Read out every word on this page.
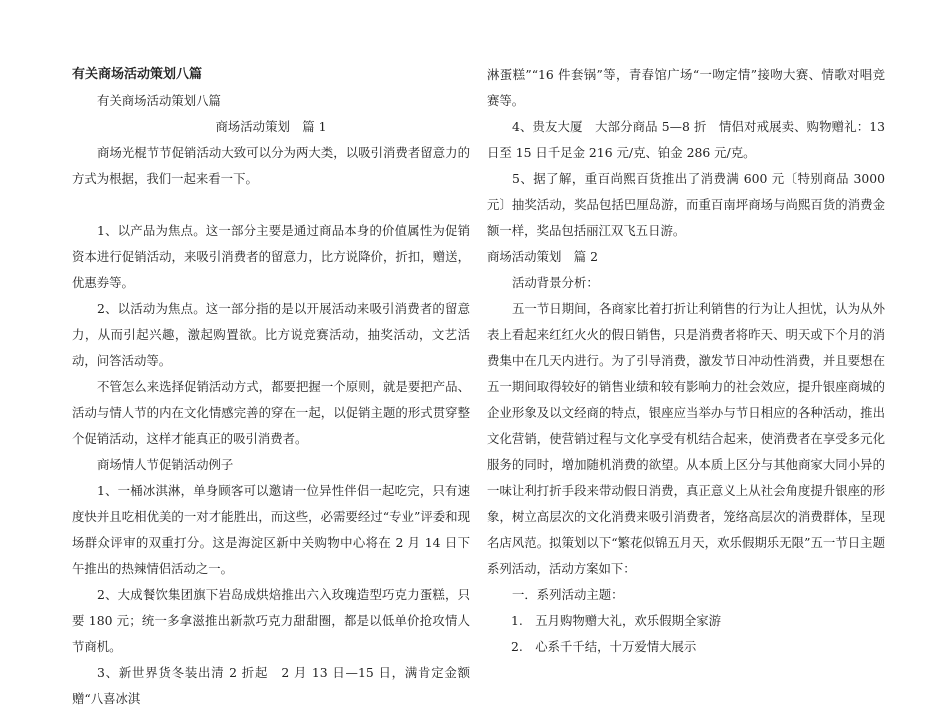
有关商场活动策划八篇

有关商场活动策划八篇

商场活动策划　篇 1

商场光棍节节促销活动大致可以分为两大类，以吸引消费者留意力的方式为根据，我们一起来看一下。

1、以产品为焦点。这一部分主要是通过商品本身的价值属性为促销资本进行促销活动，来吸引消费者的留意力，比方说降价，折扣，赠送，优惠券等。

2、以活动为焦点。这一部分指的是以开展活动来吸引消费者的留意力，从而引起兴趣，激起购置欲。比方说竞赛活动，抽奖活动，文艺活动，问答活动等。

不管怎么来选择促销活动方式，都要把握一个原则，就是要把产品、活动与情人节的内在文化情感完善的穿在一起，以促销主题的形式贯穿整个促销活动，这样才能真正的吸引消费者。

商场情人节促销活动例子

1、一桶冰淇淋，单身顾客可以邀请一位异性伴侣一起吃完，只有速度快并且吃相优美的一对才能胜出，而这些，必需要经过“专业”评委和现场群众评审的双重打分。这是海淀区新中关购物中心将在 2 月 14 日下午推出的热辣情侣活动之一。

2、大成餐饮集团旗下岩岛成烘焙推出六入玫瑰造型巧克力蛋糕，只要 180 元；统一多拿滋推出新款巧克力甜甜圈，都是以低单价抢攻情人节商机。

3、新世界货冬装出清 2 折起　2 月 13 日—15 日，满肯定金额赠“八喜冰淇

淋蛋糕”“16 件套锅”等，青春馆广场“一吻定情”接吻大赛、情歌对唱竞赛等。

4、贵友大厦　大部分商品 5—8 折　情侣对戒展卖、购物赠礼：13 日至 15 日千足金 216 元/克、铂金 286 元/克。

5、据了解，重百尚熙百货推出了消费满 600 元〔特别商品 3000 元〕抽奖活动，奖品包括巴厘岛游，而重百南坪商场与尚熙百货的消费金额一样，奖品包括丽江双飞五日游。

商场活动策划　篇 2

活动背景分析：

五一节日期间，各商家比着打折让利销售的行为让人担忧，认为从外表上看起来红红火火的假日销售，只是消费者将昨天、明天或下个月的消费集中在几天内进行。为了引导消费，激发节日冲动性消费，并且要想在五一期间取得较好的销售业绩和较有影响力的社会效应，提升银座商城的企业形象及以文经商的特点，银座应当举办与节日相应的各种活动，推出文化营销，使营销过程与文化享受有机结合起来，使消费者在享受多元化服务的同时，增加随机消费的欲望。从本质上区分与其他商家大同小异的一味让利打折手段来带动假日消费，真正意义上从社会角度提升银座的形象，树立高层次的文化消费来吸引消费者，笼络高层次的消费群体，呈现名店风范。拟策划以下“繁花似锦五月天，欢乐假期乐无限”五一节日主题系列活动，活动方案如下：

一．系列活动主题：

1.　五月购物赠大礼，欢乐假期全家游

2.　心系千千结，十万爱情大展示
